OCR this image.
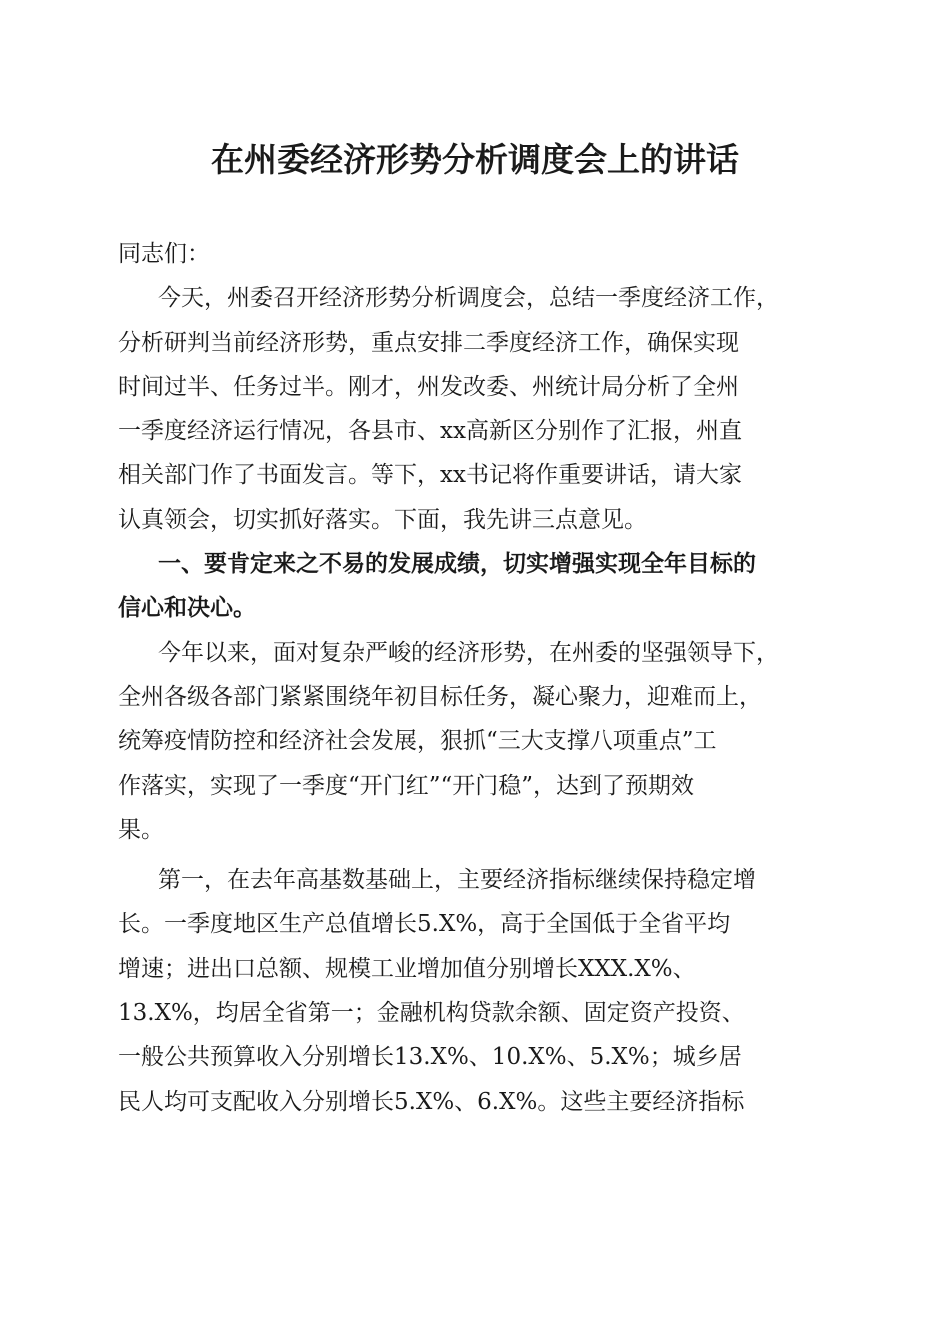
在州委经济形势分析调度会上的讲话
同志们：
今天，州委召开经济形势分析调度会，总结一季度经济工作，
分析研判当前经济形势，重点安排二季度经济工作，确保实现
时间过半、任务过半。刚才，州发改委、州统计局分析了全州
一季度经济运行情况，各县市、xx高新区分别作了汇报，州直
相关部门作了书面发言。等下，xx书记将作重要讲话，请大家
认真领会，切实抓好落实。下面，我先讲三点意见。
一、要肯定来之不易的发展成绩，切实增强实现全年目标的
信心和决心。
今年以来，面对复杂严峻的经济形势，在州委的坚强领导下，
全州各级各部门紧紧围绕年初目标任务，凝心聚力，迎难而上，
统筹疫情防控和经济社会发展，狠抓“三大支撑八项重点”工
作落实，实现了一季度“开门红”“开门稳”，达到了预期效
果。
第一，在去年高基数基础上，主要经济指标继续保持稳定增
长。一季度地区生产总值增长5.X%，高于全国低于全省平均
增速；进出口总额、规模工业增加值分别增长XXX.X%、
13.X%，均居全省第一；金融机构贷款余额、固定资产投资、
一般公共预算收入分别增长13.X%、10.X%、5.X%；城乡居
民人均可支配收入分别增长5.X%、6.X%。这些主要经济指标
